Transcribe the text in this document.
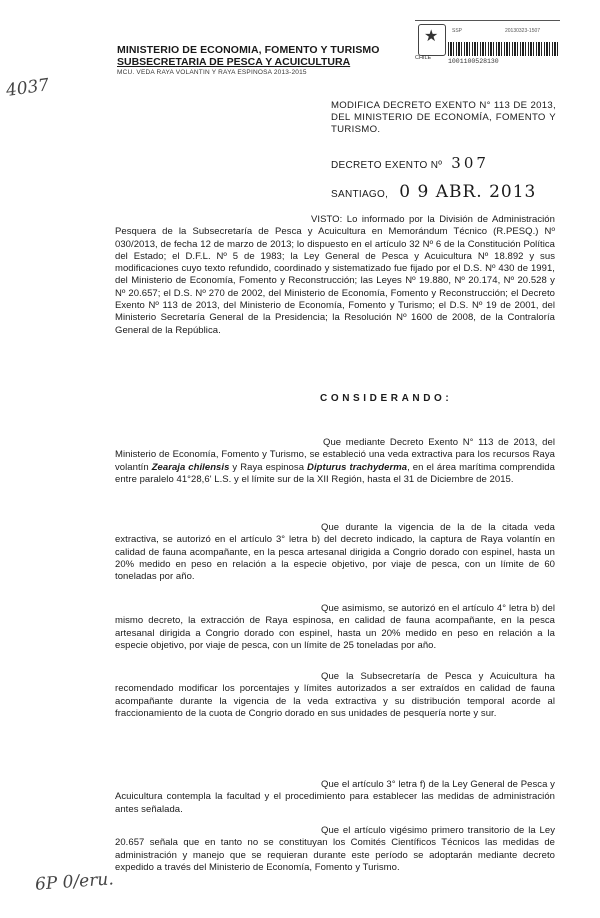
MINISTERIO DE ECONOMIA, FOMENTO Y TURISMO
SUBSECRETARIA DE PESCA Y ACUICULTURA
MCU. VEDA RAYA VOLANTIN Y RAYA ESPINOSA 2013-2015
4037
6P 0/eru.
★
CHILE
SSP	20130323-1507
1001100528130
MODIFICA DECRETO EXENTO N° 113 DE 2013, DEL MINISTERIO DE ECONOMÍA, FOMENTO Y TURISMO.
DECRETO EXENTO Nº 307
SANTIAGO, 0 9 ABR. 2013
VISTO: Lo informado por la División de Administración Pesquera de la Subsecretaría de Pesca y Acuicultura en Memorándum Técnico (R.PESQ.) Nº 030/2013, de fecha 12 de marzo de 2013; lo dispuesto en el artículo 32 Nº 6 de la Constitución Política del Estado; el D.F.L. Nº 5 de 1983; la Ley General de Pesca y Acuicultura Nº 18.892 y sus modificaciones cuyo texto refundido, coordinado y sistematizado fue fijado por el D.S. Nº 430 de 1991, del Ministerio de Economía, Fomento y Reconstrucción; las Leyes Nº 19.880, Nº 20.174, Nº 20.528 y Nº 20.657; el D.S. Nº 270 de 2002, del Ministerio de Economía, Fomento y Reconstrucción; el Decreto Exento Nº 113 de 2013, del Ministerio de Economía, Fomento y Turismo; el D.S. Nº 19 de 2001, del Ministerio Secretaría General de la Presidencia; la Resolución Nº 1600 de 2008, de la Contraloría General de la República.
CONSIDERANDO:
Que mediante Decreto Exento N° 113 de 2013, del Ministerio de Economía, Fomento y Turismo, se estableció una veda extractiva para los recursos Raya volantín Zearaja chilensis y Raya espinosa Dipturus trachyderma, en el área marítima comprendida entre paralelo 41°28,6' L.S. y el límite sur de la XII Región, hasta el 31 de Diciembre de 2015.
Que durante la vigencia de la de la citada veda extractiva, se autorizó en el artículo 3° letra b) del decreto indicado, la captura de Raya volantín en calidad de fauna acompañante, en la pesca artesanal dirigida a Congrio dorado con espinel, hasta un 20% medido en peso en relación a la especie objetivo, por viaje de pesca, con un límite de 60 toneladas por año.
Que asimismo, se autorizó en el artículo 4° letra b) del mismo decreto, la extracción de Raya espinosa, en calidad de fauna acompañante, en la pesca artesanal dirigida a Congrio dorado con espinel, hasta un 20% medido en peso en relación a la especie objetivo, por viaje de pesca, con un límite de 25 toneladas por año.
Que la Subsecretaría de Pesca y Acuicultura ha recomendado modificar los porcentajes y límites autorizados a ser extraídos en calidad de fauna acompañante durante la vigencia de la veda extractiva y su distribución temporal acorde al fraccionamiento de la cuota de Congrio dorado en sus unidades de pesquería norte y sur.
Que el artículo 3° letra f) de la Ley General de Pesca y Acuicultura contempla la facultad y el procedimiento para establecer las medidas de administración antes señalada.
Que el artículo vigésimo primero transitorio de la Ley 20.657 señala que en tanto no se constituyan los Comités Científicos Técnicos las medidas de administración y manejo que se requieran durante este período se adoptarán mediante decreto expedido a través del Ministerio de Economía, Fomento y Turismo.
